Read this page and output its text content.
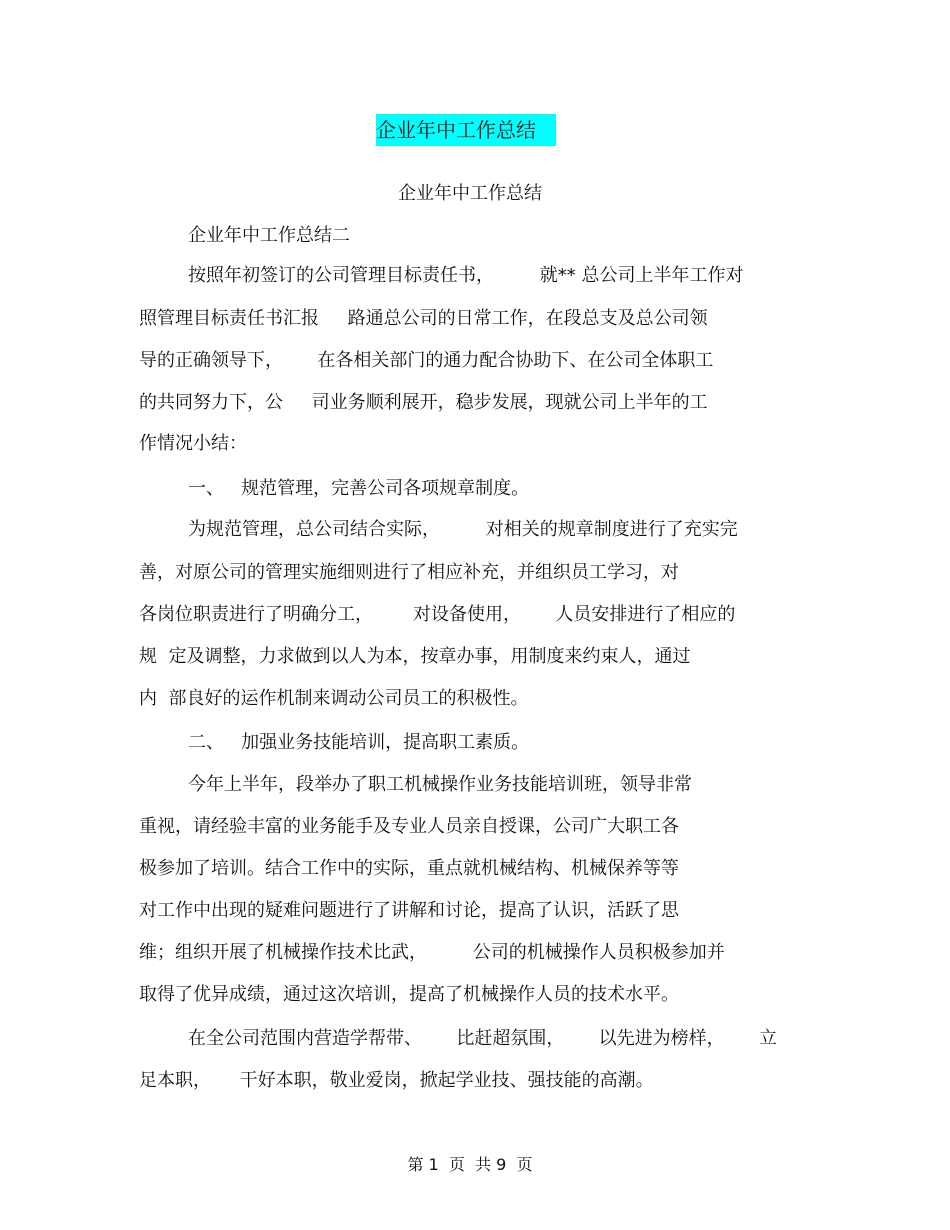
企业年中工作总结
企业年中工作总结
企业年中工作总结二
按照年初签订的公司管理目标责任书，        就** 总公司上半年工作对
照管理目标责任书汇报     路通总公司的日常工作，在段总支及总公司领
导的正确领导下，      在各相关部门的通力配合协助下、在公司全体职工
的共同努力下，公     司业务顺利展开，稳步发展，现就公司上半年的工
作情况小结：
一、   规范管理，完善公司各项规章制度。
为规范管理，总公司结合实际，        对相关的规章制度进行了充实完
善，对原公司的管理实施细则进行了相应补充，并组织员工学习，对
各岗位职责进行了明确分工，       对设备使用，      人员安排进行了相应的
规  定及调整，力求做到以人为本，按章办事，用制度来约束人，通过
内  部良好的运作机制来调动公司员工的积极性。
二、   加强业务技能培训，提高职工素质。
今年上半年，段举办了职工机械操作业务技能培训班，领导非常
重视，请经验丰富的业务能手及专业人员亲自授课，公司广大职工各
极参加了培训。结合工作中的实际，重点就机械结构、机械保养等等
对工作中出现的疑难问题进行了讲解和讨论，提高了认识，活跃了思
维；组织开展了机械操作技术比武，        公司的机械操作人员积极参加并
取得了优异成绩，通过这次培训，提高了机械操作人员的技术水平。
在全公司范围内营造学帮带、      比赶超氛围，      以先进为榜样，      立
足本职，     干好本职，敬业爱岗，掀起学业技、强技能的高潮。
第 1  页  共 9  页
